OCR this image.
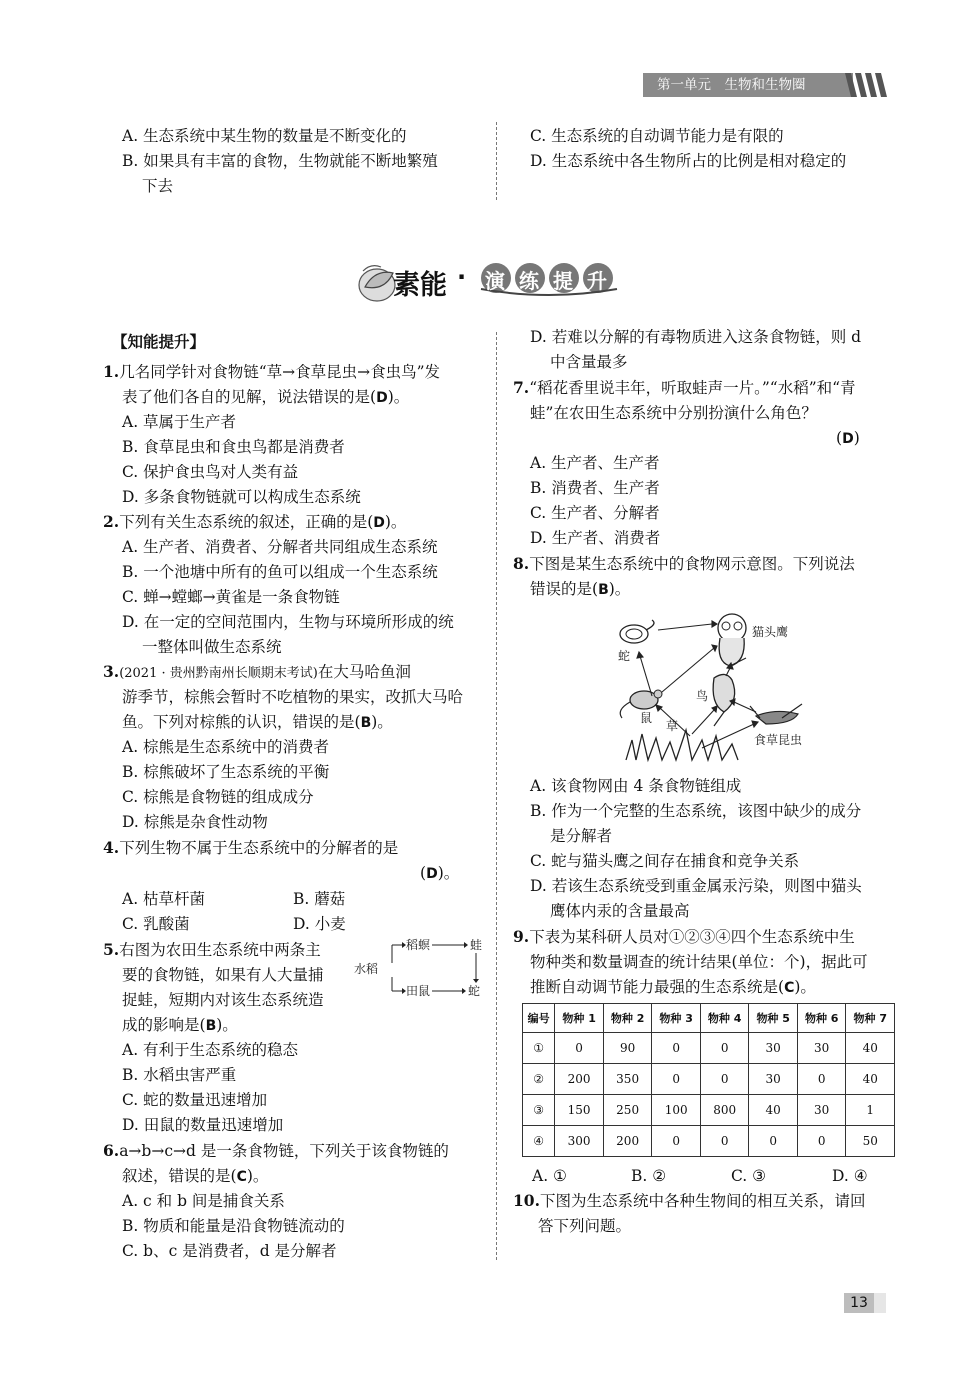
第一单元　生物和生物圈
A. 生态系统中某生物的数量是不断变化的
B. 如果具有丰富的食物，生物就能不断地繁殖
下去
C. 生态系统的自动调节能力是有限的
D. 生态系统中各生物所占的比例是相对稳定的
素能 · 演 练 提 升
【知能提升】
1.几名同学针对食物链“草→食草昆虫→食虫鸟”发
表了他们各自的见解，说法错误的是(D)。
A. 草属于生产者
B. 食草昆虫和食虫鸟都是消费者
C. 保护食虫鸟对人类有益
D. 多条食物链就可以构成生态系统
2.下列有关生态系统的叙述，正确的是(D)。
A. 生产者、消费者、分解者共同组成生态系统
B. 一个池塘中所有的鱼可以组成一个生态系统
C. 蝉→螳螂→黄雀是一条食物链
D. 在一定的空间范围内，生物与环境所形成的统
一整体叫做生态系统
3.(2021 · 贵州黔南州长顺期末考试)在大马哈鱼洄
游季节，棕熊会暂时不吃植物的果实，改抓大马哈
鱼。下列对棕熊的认识，错误的是(B)。
A. 棕熊是生态系统中的消费者
B. 棕熊破坏了生态系统的平衡
C. 棕熊是食物链的组成成分
D. 棕熊是杂食性动物
4.下列生物不属于生态系统中的分解者的是
(D)。
A. 枯草杆菌	B. 蘑菇
C. 乳酸菌	D. 小麦
5.右图为农田生态系统中两条主
要的食物链，如果有人大量捕
捉蛙，短期内对该生态系统造
成的影响是(B)。
水稻
稻螟	蛙
田鼠	蛇
A. 有利于生态系统的稳态
B. 水稻虫害严重
C. 蛇的数量迅速增加
D. 田鼠的数量迅速增加
6.a→b→c→d 是一条食物链，下列关于该食物链的
叙述，错误的是(C)。
A. c 和 b 间是捕食关系
B. 物质和能量是沿食物链流动的
C. b、c 是消费者，d 是分解者
D. 若难以分解的有毒物质进入这条食物链，则 d
中含量最多
7.“稻花香里说丰年，听取蛙声一片。”“水稻”和“青
蛙”在农田生态系统中分别扮演什么角色？
(D)
A. 生产者、生产者
B. 消费者、生产者
C. 生产者、分解者
D. 生产者、消费者
8.下图是某生态系统中的食物网示意图。下列说法
错误的是(B)。
蛇
猫头鹰
鸟
鼠
草
食草昆虫
A. 该食物网由 4 条食物链组成
B. 作为一个完整的生态系统，该图中缺少的成分
是分解者
C. 蛇与猫头鹰之间存在捕食和竞争关系
D. 若该生态系统受到重金属汞污染，则图中猫头
鹰体内汞的含量最高
9.下表为某科研人员对①②③④四个生态系统中生
物种类和数量调查的统计结果(单位：个)，据此可
推断自动调节能力最强的生态系统是(C)。
编号	物种 1	物种 2	物种 3	物种 4	物种 5	物种 6	物种 7
①	0	90	0	0	30	30	40
②	200	350	0	0	30	0	40
③	150	250	100	800	40	30	1
④	300	200	0	0	0	0	50
A. ①	B. ②	C. ③	D. ④
10.下图为生态系统中各种生物间的相互关系，请回
答下列问题。
13
